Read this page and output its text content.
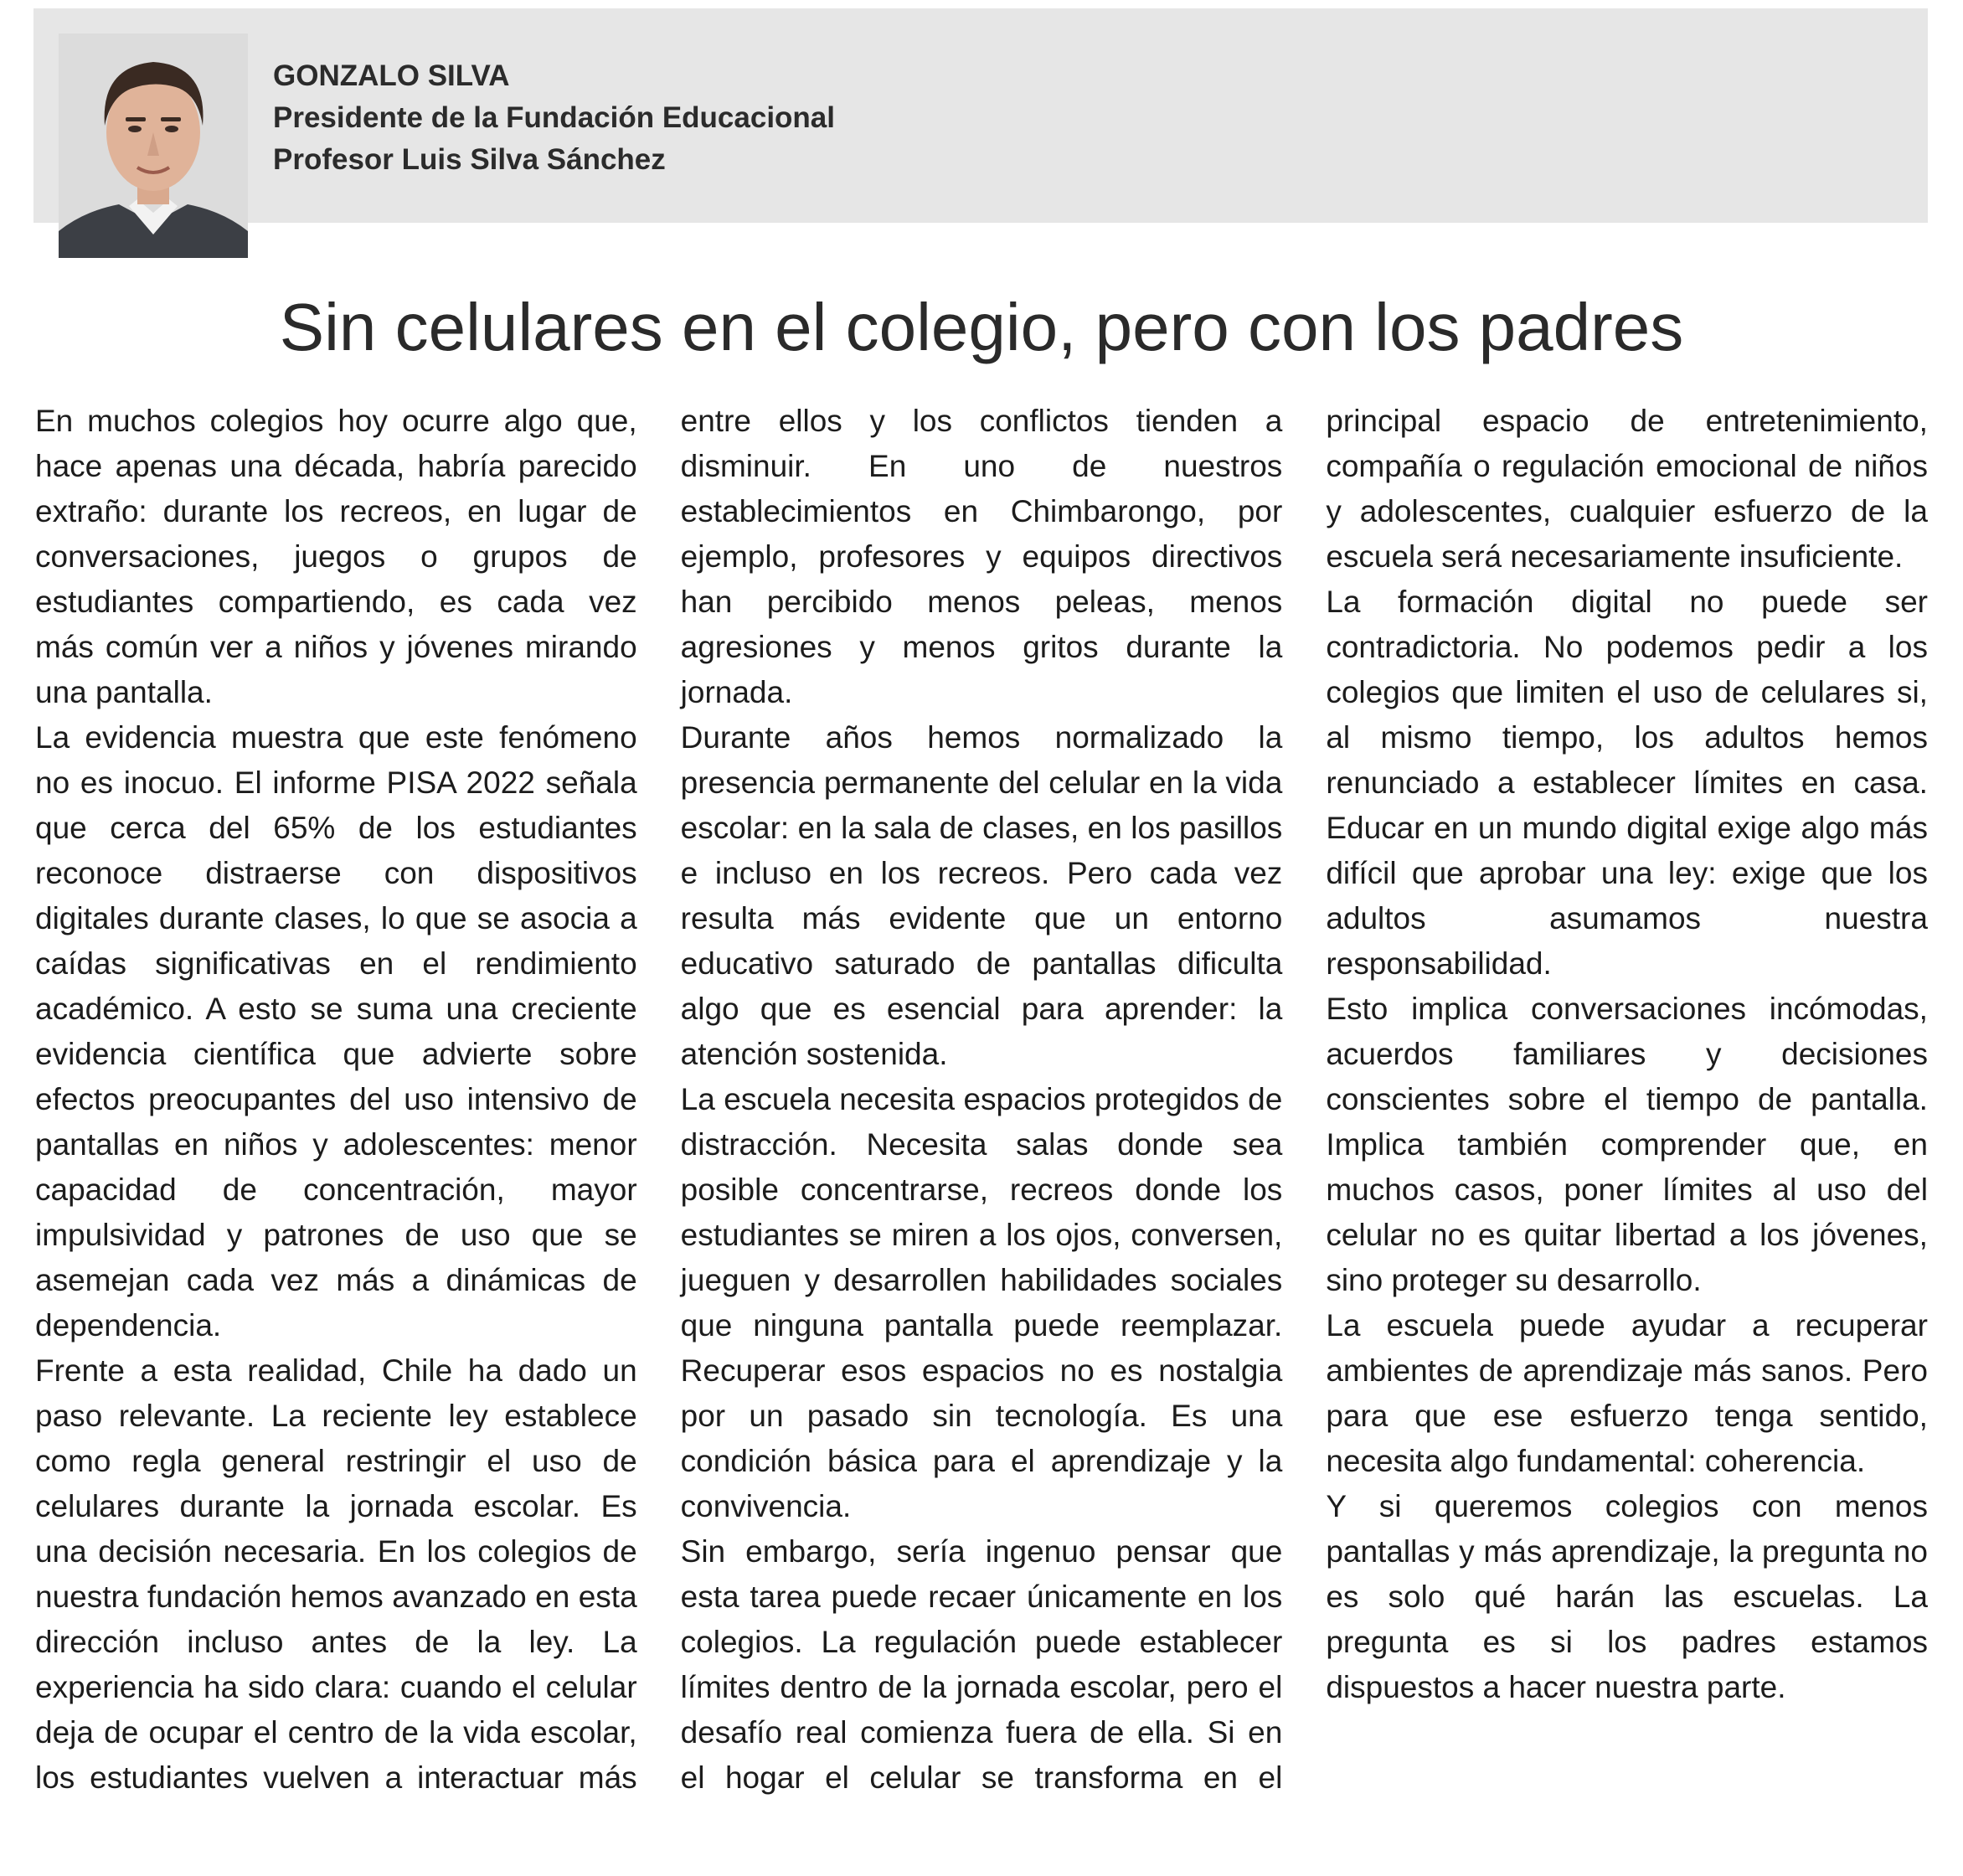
GONZALO SILVA
Presidente de la Fundación Educacional
Profesor Luis Silva Sánchez
Sin celulares en el colegio, pero con los padres

En muchos colegios hoy ocurre algo que, hace apenas una década, habría parecido extraño: durante los recreos, en lugar de conversaciones, juegos o grupos de estudiantes compartiendo, es cada vez más común ver a niños y jóvenes mirando una pantalla.

La evidencia muestra que este fenómeno no es inocuo. El informe PISA 2022 señala que cerca del 65% de los estudiantes reconoce distraerse con dispositivos digitales durante clases, lo que se asocia a caídas significativas en el rendimiento académico. A esto se suma una creciente evidencia científica que advierte sobre efectos preocupantes del uso intensivo de pantallas en niños y adolescentes: menor capacidad de concentración, mayor impulsividad y patrones de uso que se asemejan cada vez más a dinámicas de dependencia.

Frente a esta realidad, Chile ha dado un paso relevante. La reciente ley establece como regla general restringir el uso de celulares durante la jornada escolar. Es una decisión necesaria. En los colegios de nuestra fundación hemos avanzado en esta dirección incluso antes de la ley. La experiencia ha sido clara: cuando el celular deja de ocupar el centro de la vida escolar, los estudiantes vuelven a interactuar más entre ellos y los conflictos tienden a disminuir. En uno de nuestros establecimientos en Chimbarongo, por ejemplo, profesores y equipos directivos han percibido menos peleas, menos agresiones y menos gritos durante la jornada.

Durante años hemos normalizado la presencia permanente del celular en la vida escolar: en la sala de clases, en los pasillos e incluso en los recreos. Pero cada vez resulta más evidente que un entorno educativo saturado de pantallas dificulta algo que es esencial para aprender: la atención sostenida.

La escuela necesita espacios protegidos de distracción. Necesita salas donde sea posible concentrarse, recreos donde los estudiantes se miren a los ojos, conversen, jueguen y desarrollen habilidades sociales que ninguna pantalla puede reemplazar. Recuperar esos espacios no es nostalgia por un pasado sin tecnología. Es una condición básica para el aprendizaje y la convivencia.

Sin embargo, sería ingenuo pensar que esta tarea puede recaer únicamente en los colegios. La regulación puede establecer límites dentro de la jornada escolar, pero el desafío real comienza fuera de ella. Si en el hogar el celular se transforma en el principal espacio de entretenimiento, compañía o regulación emocional de niños y adolescentes, cualquier esfuerzo de la escuela será necesariamente insuficiente.

La formación digital no puede ser contradictoria. No podemos pedir a los colegios que limiten el uso de celulares si, al mismo tiempo, los adultos hemos renunciado a establecer límites en casa. Educar en un mundo digital exige algo más difícil que aprobar una ley: exige que los adultos asumamos nuestra responsabilidad.

Esto implica conversaciones incómodas, acuerdos familiares y decisiones conscientes sobre el tiempo de pantalla. Implica también comprender que, en muchos casos, poner límites al uso del celular no es quitar libertad a los jóvenes, sino proteger su desarrollo.

La escuela puede ayudar a recuperar ambientes de aprendizaje más sanos. Pero para que ese esfuerzo tenga sentido, necesita algo fundamental: coherencia.

Y si queremos colegios con menos pantallas y más aprendizaje, la pregunta no es solo qué harán las escuelas. La pregunta es si los padres estamos dispuestos a hacer nuestra parte.
